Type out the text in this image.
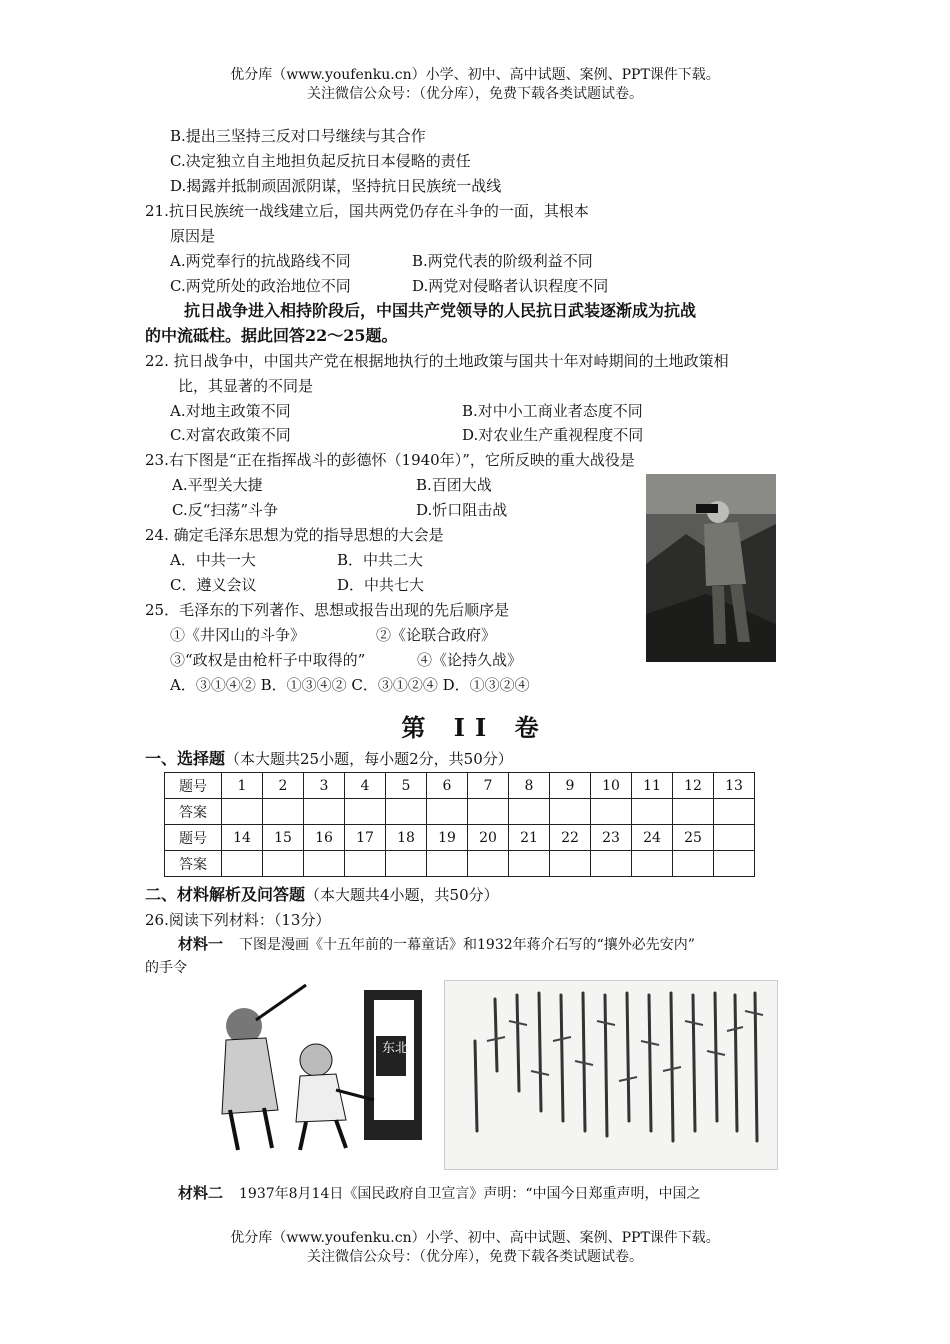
优分库（www.youfenku.cn）小学、初中、高中试题、案例、PPT课件下载。
关注微信公众号：（优分库），免费下载各类试题试卷。
B.提出三坚持三反对口号继续与其合作
C.决定独立自主地担负起反抗日本侵略的责任
D.揭露并抵制顽固派阴谋，坚持抗日民族统一战线
21.抗日民族统一战线建立后，国共两党仍存在斗争的一面，其根本
原因是
A.两党奉行的抗战路线不同	B.两党代表的阶级利益不同
C.两党所处的政治地位不同	D.两党对侵略者认识程度不同
抗日战争进入相持阶段后，中国共产党领导的人民抗日武装逐渐成为抗战
的中流砥柱。据此回答22～25题。
22. 抗日战争中，中国共产党在根据地执行的土地政策与国共十年对峙期间的土地政策相
比，其显著的不同是
A.对地主政策不同	B.对中小工商业者态度不同
C.对富农政策不同	D.对农业生产重视程度不同
23.右下图是“正在指挥战斗的彭德怀（1940年）”，它所反映的重大战役是
A.平型关大捷	B.百团大战
C.反“扫荡”斗争	D.忻口阻击战
24. 确定毛泽东思想为党的指导思想的大会是
A．中共一大	B．中共二大
C．遵义会议	D．中共七大
25．毛泽东的下列著作、思想或报告出现的先后顺序是
①《井冈山的斗争》	②《论联合政府》
③“政权是由枪杆子中取得的”	④《论持久战》
A．③①④② B．①③④② C．③①②④ D．①③②④
第 II 卷
一、选择题（本大题共25小题，每小题2分，共50分）
题号	1	2	3	4	5	6	7	8	9	10	11	12	13
答案													
题号	14	15	16	17	18	19	20	21	22	23	24	25	
答案													
二、材料解析及问答题（本大题共4小题，共50分）
26.阅读下列材料：（13分）
材料一 下图是漫画《十五年前的一幕童话》和1932年蒋介石写的“攘外必先安内”
的手令
东北
材料二 1937年8月14日《国民政府自卫宣言》声明：“中国今日郑重声明，中国之
优分库（www.youfenku.cn）小学、初中、高中试题、案例、PPT课件下载。
关注微信公众号：（优分库），免费下载各类试题试卷。
